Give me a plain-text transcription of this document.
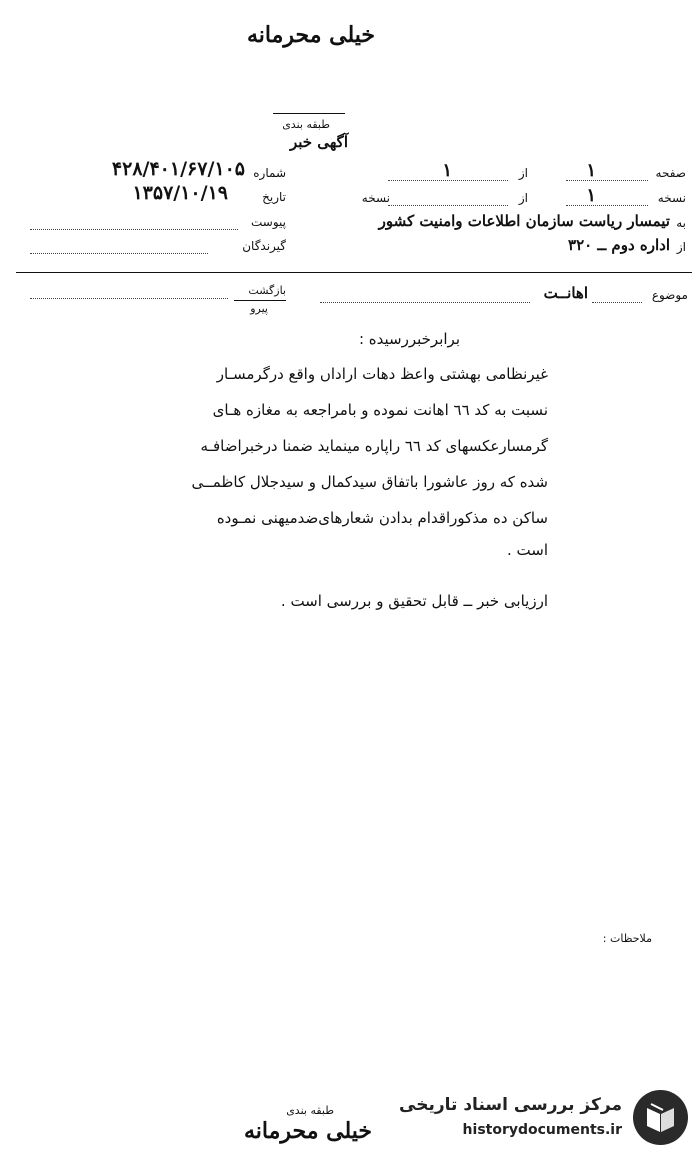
خیلی محرمانه
طبقه بندی
آگهی خبر
صفحه
۱
از
۱
نسخه
۱
از
نسخه
به
تیمسار ریاست سازمان اطلاعات وامنیت کشور
از
اداره دوم ــ ۳۲۰
شماره
۴۲۸/۴۰۱/۶۷/۱۰۵
تاریخ
۱۳۵۷/۱۰/۱۹
پیوست
گیرندگان
موضوع
اهانــت
بازگشت
پیرو
برابرخبررسیده :
غیرنظامی بهشتی واعظ دهات اراداں واقع درگرمسـار
نسبت به کد ٦٦ اهانت نموده و بامراجعه به مغازه هـای
گرمسارعکسهای کد ٦٦ راپاره مینماید ضمنا درخبراضافـه
شده که روز عاشورا باتفاق سیدکمال و سیدجلال کاظمــی
ساکن ده مذکوراقدام بدادن شعارهای‌ضدمیهنی نمـوده
است .
ارزیابی خبر ــ قابل تحقیق و بررسی است .
ملاحظات :
طبقه بندی
خیلی محرمانه
مرکز بررسی اسناد تاریخی
historydocuments.ir
